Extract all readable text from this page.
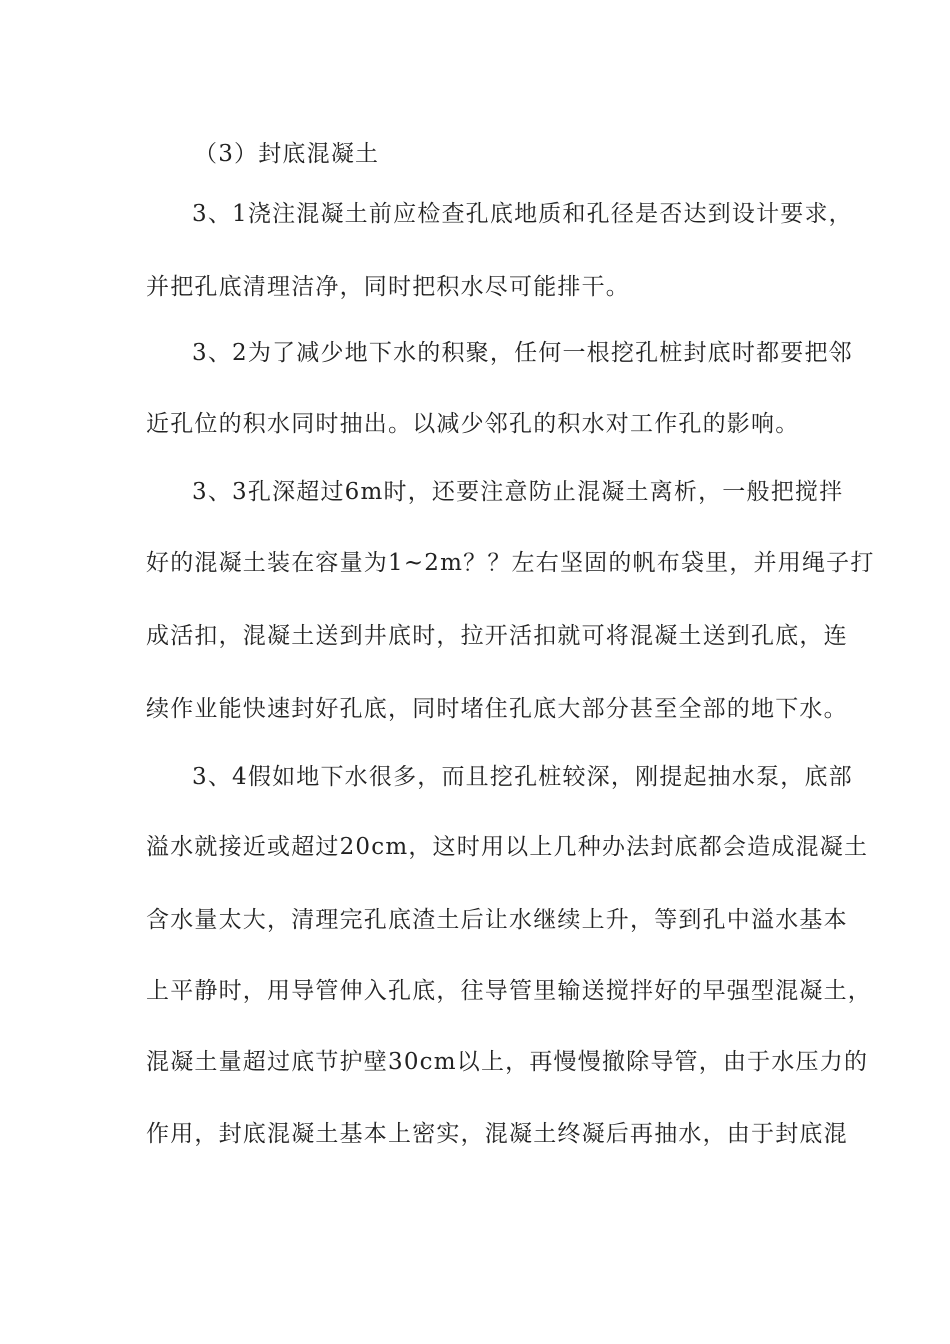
（3）封底混凝土
3、1浇注混凝土前应检查孔底地质和孔径是否达到设计要求，
并把孔底清理洁净，同时把积水尽可能排干。
3、2为了减少地下水的积聚，任何一根挖孔桩封底时都要把邻
近孔位的积水同时抽出。以减少邻孔的积水对工作孔的影响。
3、3孔深超过6m时，还要注意防止混凝土离析，一般把搅拌
好的混凝土装在容量为1~2m？？左右坚固的帆布袋里，并用绳子打
成活扣，混凝土送到井底时，拉开活扣就可将混凝土送到孔底，连
续作业能快速封好孔底，同时堵住孔底大部分甚至全部的地下水。
3、4假如地下水很多，而且挖孔桩较深，刚提起抽水泵，底部
溢水就接近或超过20cm，这时用以上几种办法封底都会造成混凝土
含水量太大，清理完孔底渣土后让水继续上升，等到孔中溢水基本
上平静时，用导管伸入孔底，往导管里输送搅拌好的早强型混凝土，
混凝土量超过底节护壁30cm以上，再慢慢撤除导管，由于水压力的
作用，封底混凝土基本上密实，混凝土终凝后再抽水，由于封底混
